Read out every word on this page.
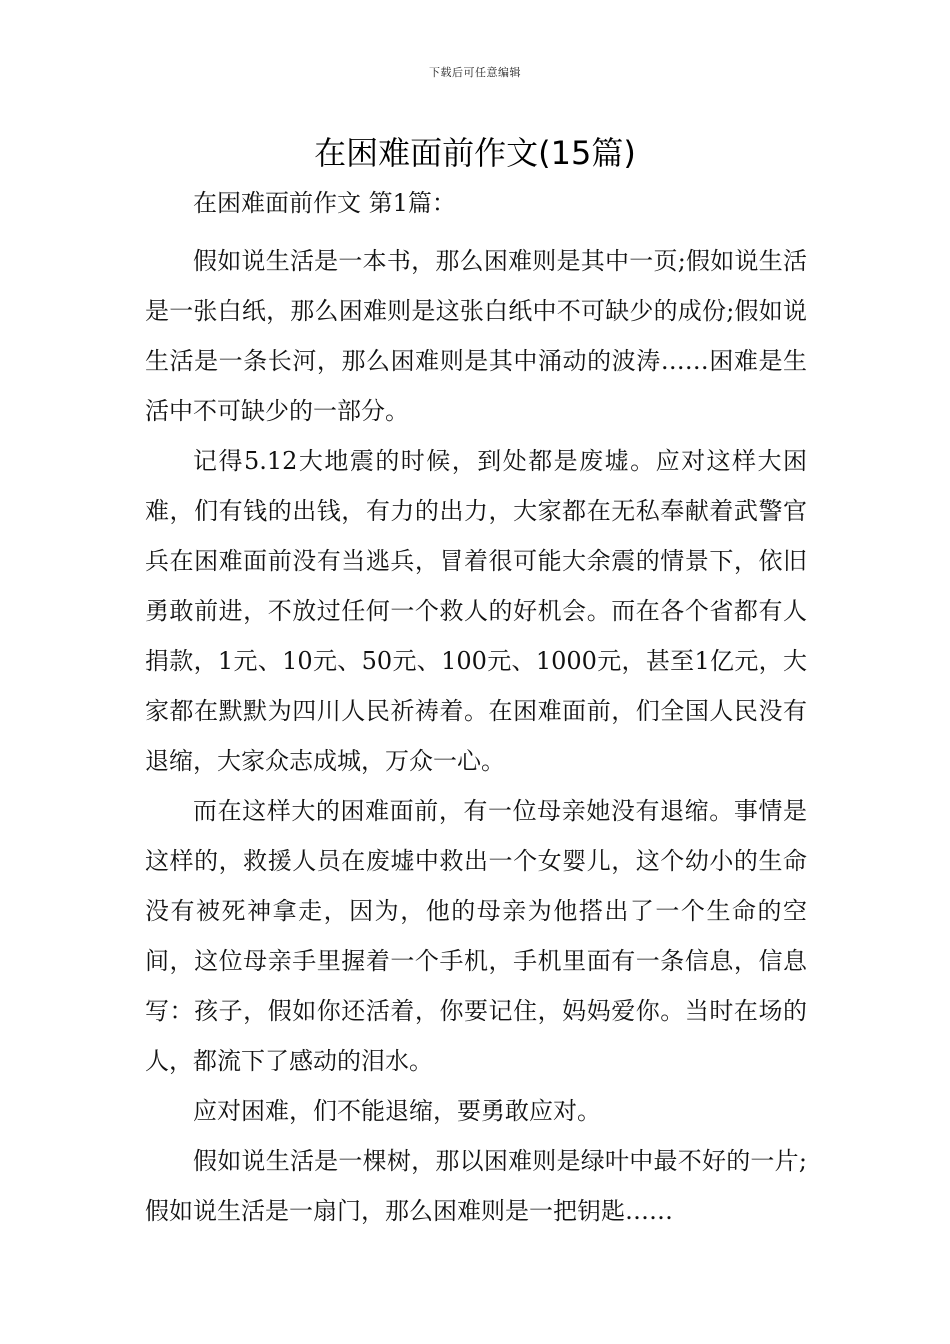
下载后可任意编辑
在困难面前作文(15篇)

在困难面前作文 第1篇：

假如说生活是一本书，那么困难则是其中一页;假如说生活是一张白纸，那么困难则是这张白纸中不可缺少的成份;假如说生活是一条长河，那么困难则是其中涌动的波涛……困难是生活中不可缺少的一部分。

记得5.12大地震的时候，到处都是废墟。应对这样大困难，们有钱的出钱，有力的出力，大家都在无私奉献着武警官兵在困难面前没有当逃兵，冒着很可能大余震的情景下，依旧勇敢前进，不放过任何一个救人的好机会。而在各个省都有人捐款，1元、10元、50元、100元、1000元，甚至1亿元，大家都在默默为四川人民祈祷着。在困难面前，们全国人民没有退缩，大家众志成城，万众一心。

而在这样大的困难面前，有一位母亲她没有退缩。事情是这样的，救援人员在废墟中救出一个女婴儿，这个幼小的生命没有被死神拿走，因为，他的母亲为他搭出了一个生命的空间，这位母亲手里握着一个手机，手机里面有一条信息，信息写：孩子，假如你还活着，你要记住，妈妈爱你。当时在场的人，都流下了感动的泪水。

应对困难，们不能退缩，要勇敢应对。

假如说生活是一棵树，那以困难则是绿叶中最不好的一片;假如说生活是一扇门，那么困难则是一把钥匙……
